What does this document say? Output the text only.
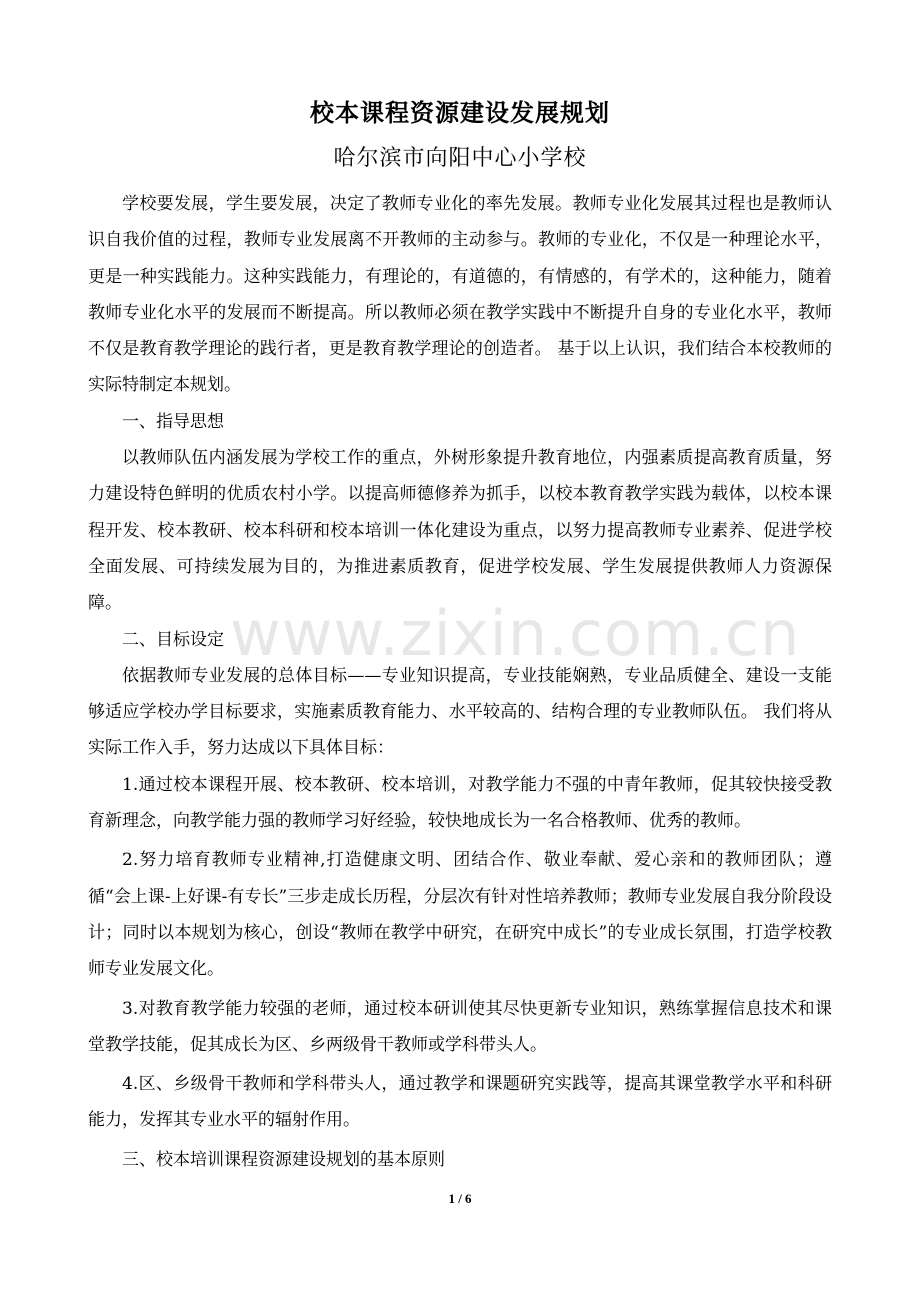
校本课程资源建设发展规划
哈尔滨市向阳中心小学校

学校要发展，学生要发展，决定了教师专业化的率先发展。教师专业化发展其过程也是教师认识自我价值的过程，教师专业发展离不开教师的主动参与。教师的专业化，不仅是一种理论水平，更是一种实践能力。这种实践能力，有理论的，有道德的，有情感的，有学术的，这种能力，随着教师专业化水平的发展而不断提高。所以教师必须在教学实践中不断提升自身的专业化水平，教师不仅是教育教学理论的践行者，更是教育教学理论的创造者。 基于以上认识，我们结合本校教师的实际特制定本规划。

一、指导思想

以教师队伍内涵发展为学校工作的重点，外树形象提升教育地位，内强素质提高教育质量，努力建设特色鲜明的优质农村小学。以提高师德修养为抓手，以校本教育教学实践为载体，以校本课程开发、校本教研、校本科研和校本培训一体化建设为重点，以努力提高教师专业素养、促进学校全面发展、可持续发展为目的，为推进素质教育，促进学校发展、学生发展提供教师人力资源保障。

二、目标设定

依据教师专业发展的总体目标——专业知识提高，专业技能娴熟，专业品质健全、建设一支能够适应学校办学目标要求，实施素质教育能力、水平较高的、结构合理的专业教师队伍。 我们将从实际工作入手，努力达成以下具体目标：

1.通过校本课程开展、校本教研、校本培训，对教学能力不强的中青年教师，促其较快接受教育新理念，向教学能力强的教师学习好经验，较快地成长为一名合格教师、优秀的教师。

2.努力培育教师专业精神,打造健康文明、团结合作、敬业奉献、爱心亲和的教师团队；遵循“会上课-上好课-有专长”三步走成长历程，分层次有针对性培养教师；教师专业发展自我分阶段设计；同时以本规划为核心，创设“教师在教学中研究，在研究中成长”的专业成长氛围，打造学校教师专业发展文化。

3.对教育教学能力较强的老师，通过校本研训使其尽快更新专业知识，熟练掌握信息技术和课堂教学技能，促其成长为区、乡两级骨干教师或学科带头人。

4.区、乡级骨干教师和学科带头人，通过教学和课题研究实践等，提高其课堂教学水平和科研能力，发挥其专业水平的辐射作用。

三、校本培训课程资源建设规划的基本原则

www.zixin.com.cn
1 / 6
